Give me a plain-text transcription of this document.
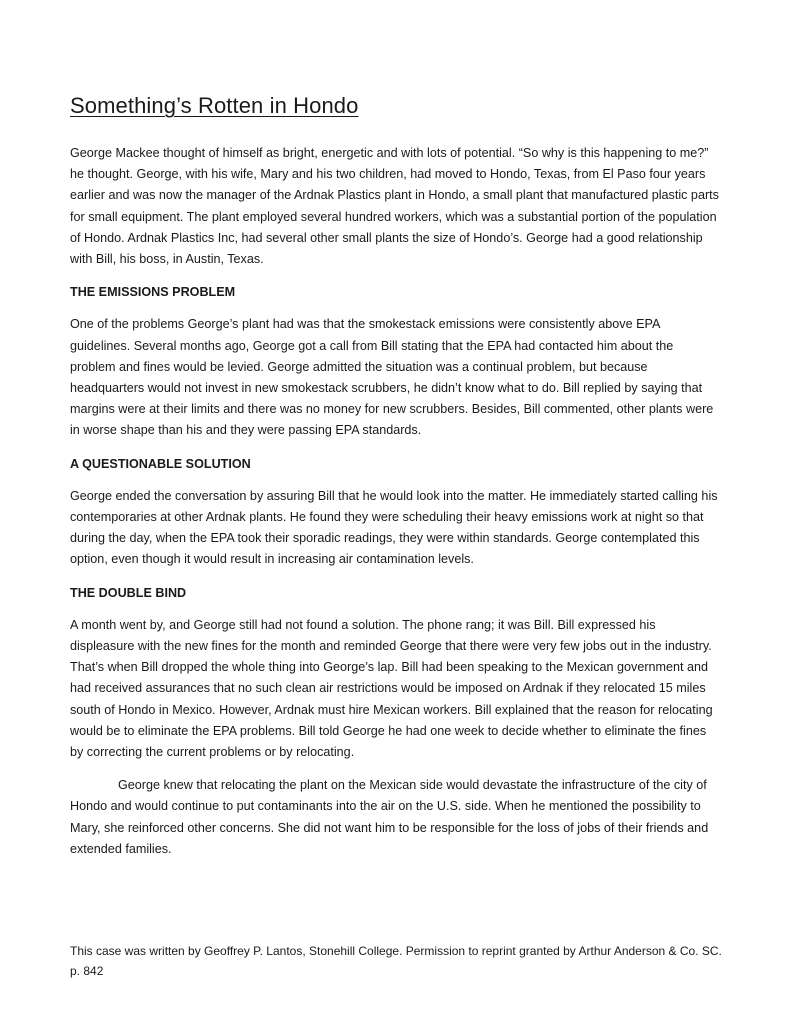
Something’s Rotten in Hondo

George Mackee thought of himself as bright, energetic and with lots of potential. “So why is this happening to me?” he thought. George, with his wife, Mary and his two children, had moved to Hondo, Texas, from El Paso four years earlier and was now the manager of the Ardnak Plastics plant in Hondo, a small plant that manufactured plastic parts for small equipment. The plant employed several hundred workers, which was a substantial portion of the population of Hondo. Ardnak Plastics Inc, had several other small plants the size of Hondo’s. George had a good relationship with Bill, his boss, in Austin, Texas.

THE EMISSIONS PROBLEM

One of the problems George’s plant had was that the smokestack emissions were consistently above EPA guidelines. Several months ago, George got a call from Bill stating that the EPA had contacted him about the problem and fines would be levied. George admitted the situation was a continual problem, but because headquarters would not invest in new smokestack scrubbers, he didn’t know what to do. Bill replied by saying that margins were at their limits and there was no money for new scrubbers. Besides, Bill commented, other plants were in worse shape than his and they were passing EPA standards.

A QUESTIONABLE SOLUTION

George ended the conversation by assuring Bill that he would look into the matter. He immediately started calling his contemporaries at other Ardnak plants. He found they were scheduling their heavy emissions work at night so that during the day, when the EPA took their sporadic readings, they were within standards. George contemplated this option, even though it would result in increasing air contamination levels.

THE DOUBLE BIND

A month went by, and George still had not found a solution. The phone rang; it was Bill. Bill expressed his displeasure with the new fines for the month and reminded George that there were very few jobs out in the industry. That’s when Bill dropped the whole thing into George’s lap. Bill had been speaking to the Mexican government and had received assurances that no such clean air restrictions would be imposed on Ardnak if they relocated 15 miles south of Hondo in Mexico. However, Ardnak must hire Mexican workers. Bill explained that the reason for relocating would be to eliminate the EPA problems. Bill told George he had one week to decide whether to eliminate the fines by correcting the current problems or by relocating.

George knew that relocating the plant on the Mexican side would devastate the infrastructure of the city of Hondo and would continue to put contaminants into the air on the U.S. side. When he mentioned the possibility to Mary, she reinforced other concerns. She did not want him to be responsible for the loss of jobs of their friends and extended families.

This case was written by Geoffrey P. Lantos, Stonehill College. Permission to reprint granted by Arthur Anderson & Co. SC. p. 842
